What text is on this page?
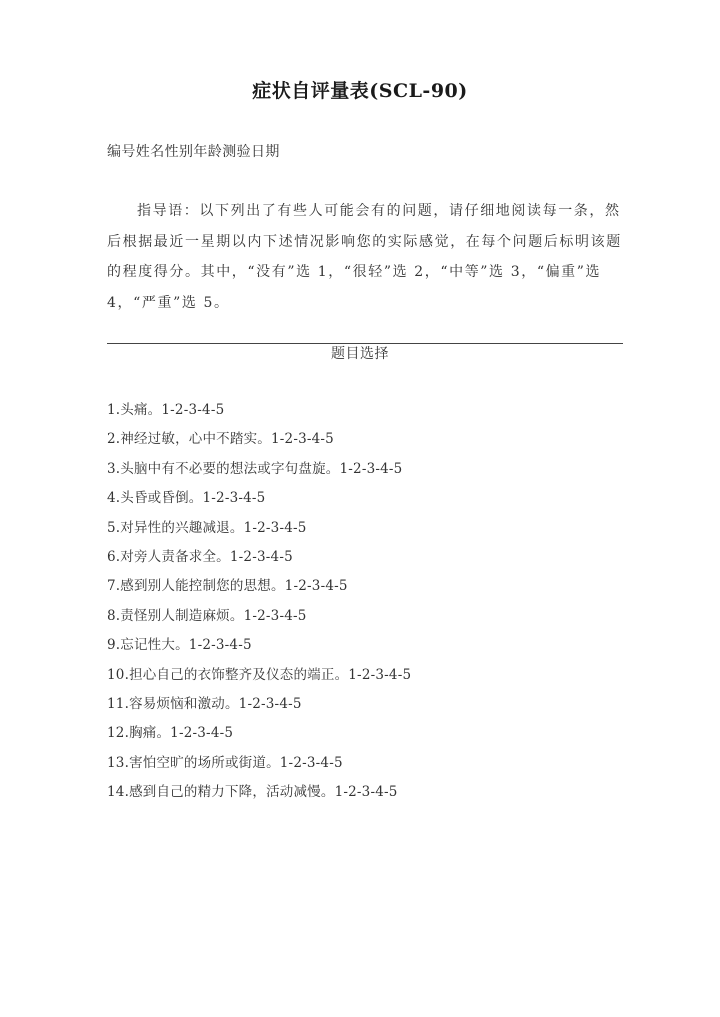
症状自评量表(SCL-90)
编号姓名性别年龄测验日期

指导语：以下列出了有些人可能会有的问题，请仔细地阅读每一条，然后根据最近一星期以内下述情况影响您的实际感觉，在每个问题后标明该题的程度得分。其中，“没有”选 1，“很轻”选 2，“中等”选 3，“偏重”选 4，“严重”选 5。

题目选择
1.头痛。1-2-3-4-5
2.神经过敏，心中不踏实。1-2-3-4-5
3.头脑中有不必要的想法或字句盘旋。1-2-3-4-5
4.头昏或昏倒。1-2-3-4-5
5.对异性的兴趣减退。1-2-3-4-5
6.对旁人责备求全。1-2-3-4-5
7.感到别人能控制您的思想。1-2-3-4-5
8.责怪别人制造麻烦。1-2-3-4-5
9.忘记性大。1-2-3-4-5
10.担心自己的衣饰整齐及仪态的端正。1-2-3-4-5
11.容易烦恼和激动。1-2-3-4-5
12.胸痛。1-2-3-4-5
13.害怕空旷的场所或街道。1-2-3-4-5
14.感到自己的精力下降，活动减慢。1-2-3-4-5
